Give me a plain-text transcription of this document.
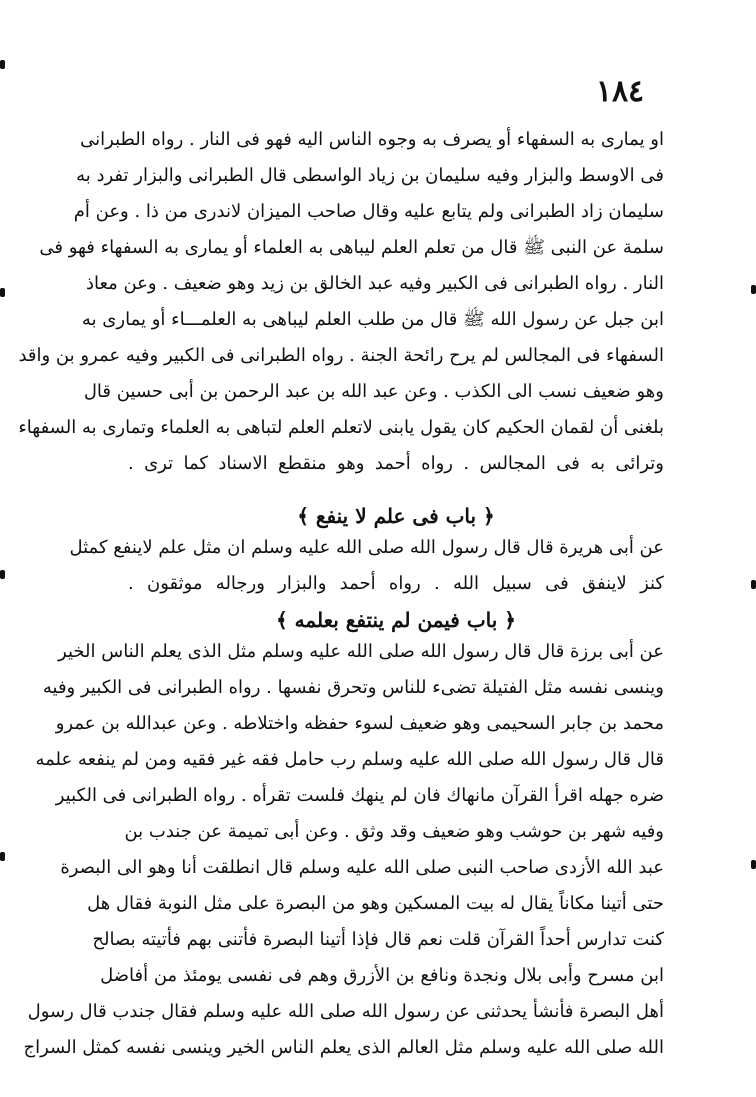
١٨٤
او يمارى به السفهاء أو يصرف به وجوه الناس اليه فهو فى النار . رواه الطبرانى
فى الاوسط والبزار وفيه سليمان بن زياد الواسطى قال الطبرانى والبزار تفرد به
سليمان زاد الطبرانى ولم يتابع عليه وقال صاحب الميزان لاندرى من ذا . وعن أم
سلمة عن النبى ﷺ قال من تعلم العلم ليباهى به العلماء أو يمارى به السفهاء فهو فى
النار . رواه الطبرانى فى الكبير وفيه عبد الخالق بن زيد وهو ضعيف . وعن معاذ
ابن جبل عن رسول الله ﷺ قال من طلب العلم ليباهى به العلمـــاء أو يمارى به
السفهاء فى المجالس لم يرح رائحة الجنة . رواه الطبرانى فى الكبير وفيه عمرو بن واقد
وهو ضعيف نسب الى الكذب . وعن عبد الله بن عبد الرحمن بن أبى حسين قال
بلغنى أن لقمان الحكيم كان يقول يابنى لاتعلم العلم لتباهى به العلماء وتمارى به السفهاء
وترائى به فى المجالس . رواه أحمد وهو منقطع الاسناد كما ترى .
﴿ باب فى علم لا ينفع ﴾
عن أبى هريرة قال قال رسول الله صلى الله عليه وسلم ان مثل علم لاينفع كمثل
كنز لاينفق فى سبيل الله . رواه أحمد والبزار ورجاله موثقون .
﴿ باب فيمن لم ينتفع بعلمه ﴾
عن أبى برزة قال قال رسول الله صلى الله عليه وسلم مثل الذى يعلم الناس الخير
وينسى نفسه مثل الفتيلة تضىء للناس وتحرق نفسها . رواه الطبرانى فى الكبير وفيه
محمد بن جابر السحيمى وهو ضعيف لسوء حفظه واختلاطه . وعن عبدالله بن عمرو
قال قال رسول الله صلى الله عليه وسلم رب حامل فقه غير فقيه ومن لم ينفعه علمه
ضره جهله اقرأ القرآن مانهاك فان لم ينهك فلست تقرأه . رواه الطبرانى فى الكبير
وفيه شهر بن حوشب وهو ضعيف وقد وثق . وعن أبى تميمة عن جندب بن
عبد الله الأزدى صاحب النبى صلى الله عليه وسلم قال انطلقت أنا وهو الى البصرة
حتى أتينا مكاناً يقال له بيت المسكين وهو من البصرة على مثل النوبة فقال هل
كنت تدارس أحداً القرآن قلت نعم قال فإذا أتينا البصرة فأتنى بهم فأتيته بصالح
ابن مسرح وأبى بلال ونجدة ونافع بن الأزرق وهم فى نفسى يومئذ من أفاضل
أهل البصرة فأنشأ يحدثنى عن رسول الله صلى الله عليه وسلم فقال جندب قال رسول
الله صلى الله عليه وسلم مثل العالم الذى يعلم الناس الخير وينسى نفسه كمثل السراج
